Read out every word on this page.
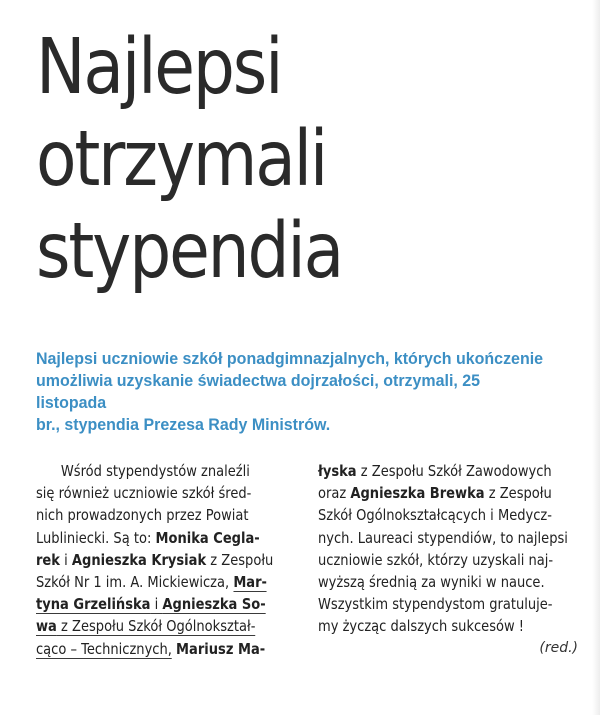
Najlepsi
otrzymali
stypendia
Najlepsi uczniowie szkół ponadgimnazjalnych, których ukończenie
umożliwia uzyskanie świadectwa dojrzałości, otrzymali, 25 listopada
br., stypendia Prezesa Rady Ministrów.
Wśród stypendystów znaleźli
się również uczniowie szkół śred-
nich prowadzonych przez Powiat
Lubliniecki. Są to: Monika Cegla-
rek i Agnieszka Krysiak z Zespołu
Szkół Nr 1 im. A. Mickiewicza, Mar-
tyna Grzelińska i Agnieszka So-
wa z Zespołu Szkół Ogólnokształ-
cąco – Technicznych, Mariusz Ma-
łyska z Zespołu Szkół Zawodowych
oraz Agnieszka Brewka z Zespołu
Szkół Ogólnokształcących i Medycz-
nych. Laureaci stypendiów, to najlepsi
uczniowie szkół, którzy uzyskali naj-
wyższą średnią za wyniki w nauce.
Wszystkim stypendystom gratuluje-
my życząc dalszych sukcesów !
(red.)
